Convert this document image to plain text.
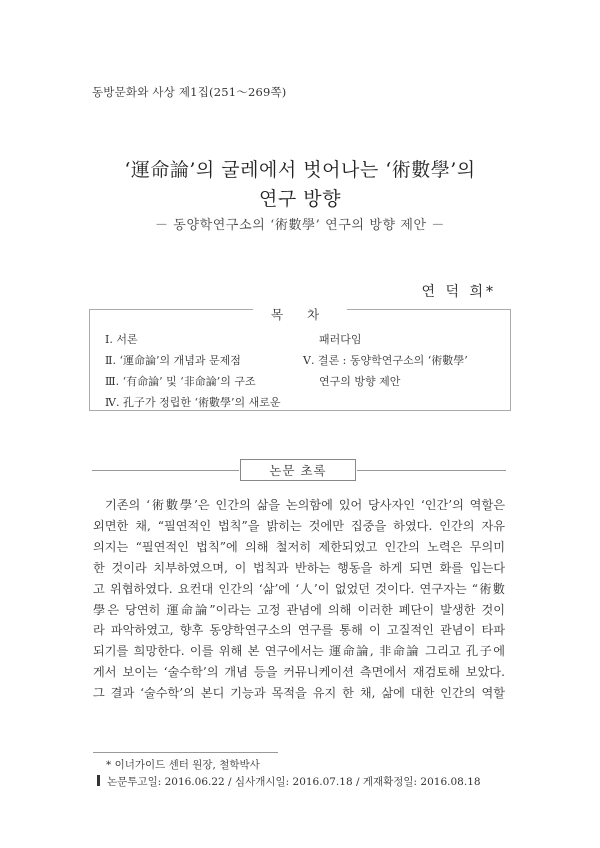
동방문화와 사상 제1집(251～269쪽)
‘運命論’의 굴레에서 벗어나는 ‘術數學’의
연구 방향
－ 동양학연구소의 ‘術數學’ 연구의 방향 제안 －
연 덕 희*
목 차
Ⅰ. 서론
Ⅱ. ‘運命論’의 개념과 문제점
Ⅲ. ‘有命論’ 및 ‘非命論’의 구조
Ⅳ. 孔子가 정립한 ‘術數學’의 새로운
패러다임
Ⅴ. 결론 : 동양학연구소의 ‘術數學’
연구의 방향 제안
논문 초록
기존의 ‘術數學’은 인간의 삶을 논의함에 있어 당사자인 ‘인간’의 역할은
외면한 채, “필연적인 법칙”을 밝히는 것에만 집중을 하였다. 인간의 자유
의지는 “필연적인 법칙”에 의해 철저히 제한되었고 인간의 노력은 무의미
한 것이라 치부하였으며, 이 법칙과 반하는 행동을 하게 되면 화를 입는다
고 위협하였다. 요컨대 인간의 ‘삶’에 ‘人’이 없었던 것이다. 연구자는 “術數
學은 당연히 運命論”이라는 고정 관념에 의해 이러한 폐단이 발생한 것이
라 파악하였고, 향후 동양학연구소의 연구를 통해 이 고질적인 관념이 타파
되기를 희망한다. 이를 위해 본 연구에서는 運命論, 非命論 그리고 孔子에
게서 보이는 ‘술수학’의 개념 등을 커뮤니케이션 측면에서 재검토해 보았다.
그 결과 ‘술수학’의 본디 기능과 목적을 유지 한 채, 삶에 대한 인간의 역할
* 이너가이드 센터 원장, 철학박사
논문투고일: 2016.06.22 / 심사개시일: 2016.07.18 / 게재확정일: 2016.08.18
